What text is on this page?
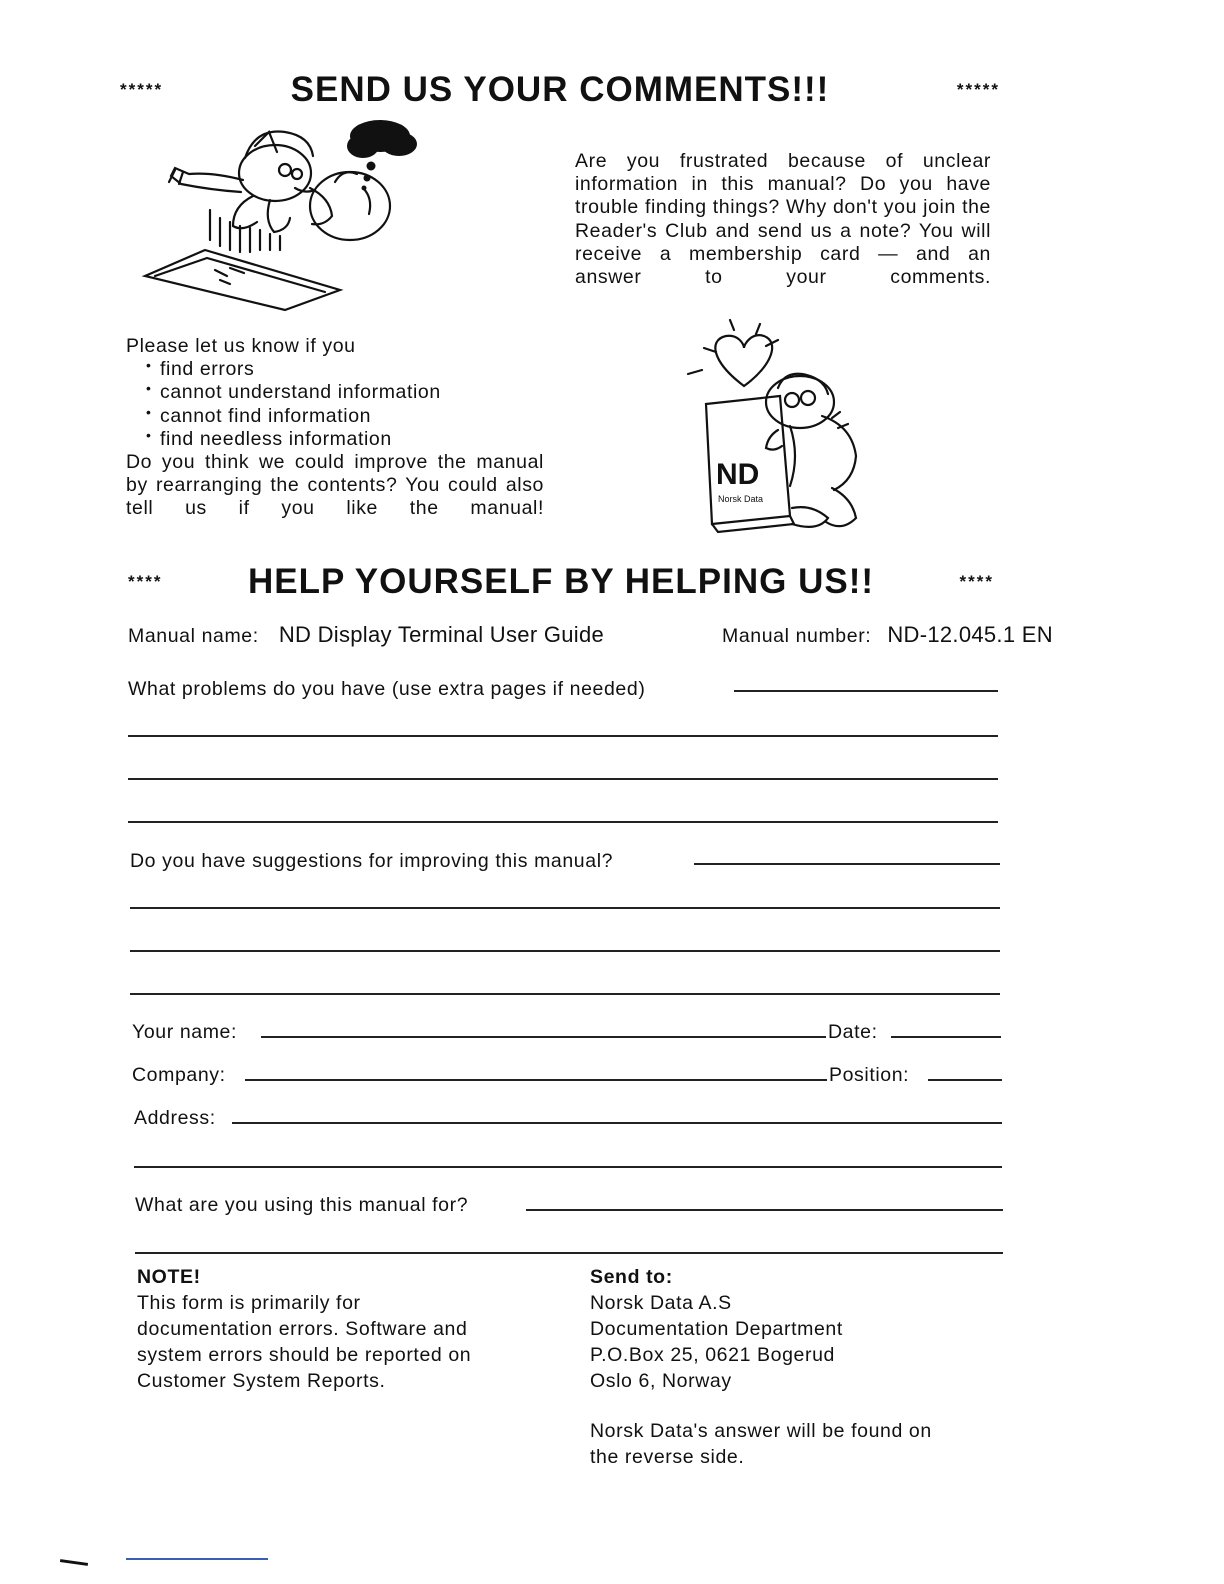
*****	SEND US YOUR COMMENTS!!!	*****
Are you frustrated because of unclear information in this manual? Do you have trouble finding things? Why don't you join the Reader's Club and send us a note? You will receive a membership card — and an answer to your comments.
Please let us know if you
• find errors
• cannot understand information
• cannot find information
• find needless information
Do you think we could improve the manual by rearranging the contents? You could also tell us if you like the manual!
ND
Norsk Data
**** HELP YOURSELF BY HELPING US!!	****
Manual name: ND Display Terminal User Guide	Manual number: ND-12.045.1 EN
What problems do you have (use extra pages if needed)
Do you have suggestions for improving this manual?
Your name:	Date:
Company:	Position:
Address:
What are you using this manual for?
NOTE!
This form is primarily for
documentation errors. Software and
system errors should be reported on
Customer System Reports.
Send to:
Norsk Data A.S
Documentation Department
P.O.Box 25, 0621 Bogerud
Oslo 6, Norway
Norsk Data's answer will be found on
the reverse side.
